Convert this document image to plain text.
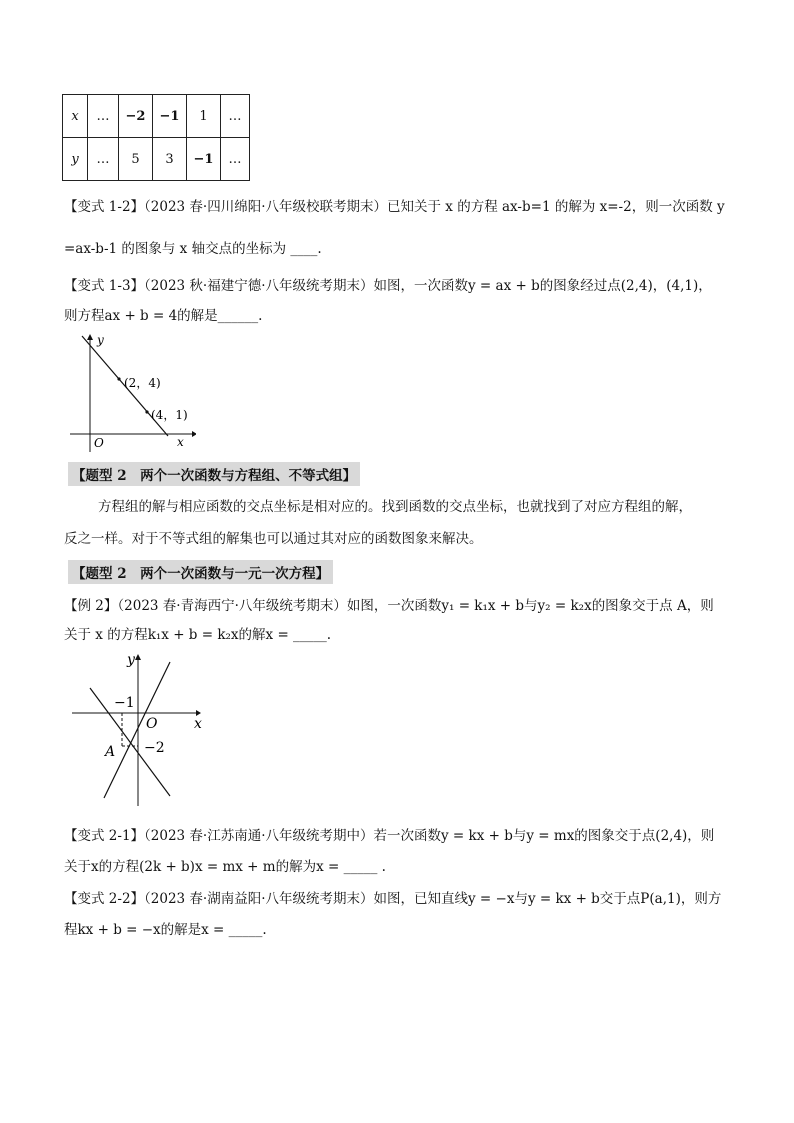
x	…	−2	−1	1	…
y	…	5	3	−1	…
【变式 1-2】（2023 春·四川绵阳·八年级校联考期末）已知关于 x 的方程 ax-b=1 的解为 x=-2，则一次函数 y
=ax-b-1 的图象与 x 轴交点的坐标为 ____.
【变式 1-3】（2023 秋·福建宁德·八年级统考期末）如图，一次函数y = ax + b的图象经过点(2,4)，(4,1)，
则方程ax + b = 4的解是______.
y
x
O
(2，4)
(4，1)
【题型 2　两个一次函数与方程组、不等式组】
方程组的解与相应函数的交点坐标是相对应的。找到函数的交点坐标，也就找到了对应方程组的解，
反之一样。对于不等式组的解集也可以通过其对应的函数图象来解决。
【题型 2　两个一次函数与一元一次方程】
【例 2】（2023 春·青海西宁·八年级统考期末）如图，一次函数y₁ = k₁x + b与y₂ = k₂x的图象交于点 A，则
关于 x 的方程k₁x + b = k₂x的解x = _____.
y
x
O
−1
−2
A
【变式 2-1】（2023 春·江苏南通·八年级统考期中）若一次函数y = kx + b与y = mx的图象交于点(2,4)，则
关于x的方程(2k + b)x = mx + m的解为x = _____ .
【变式 2-2】（2023 春·湖南益阳·八年级统考期末）如图，已知直线y = −x与y = kx + b交于点P(a,1)，则方
程kx + b = −x的解是x = _____.
